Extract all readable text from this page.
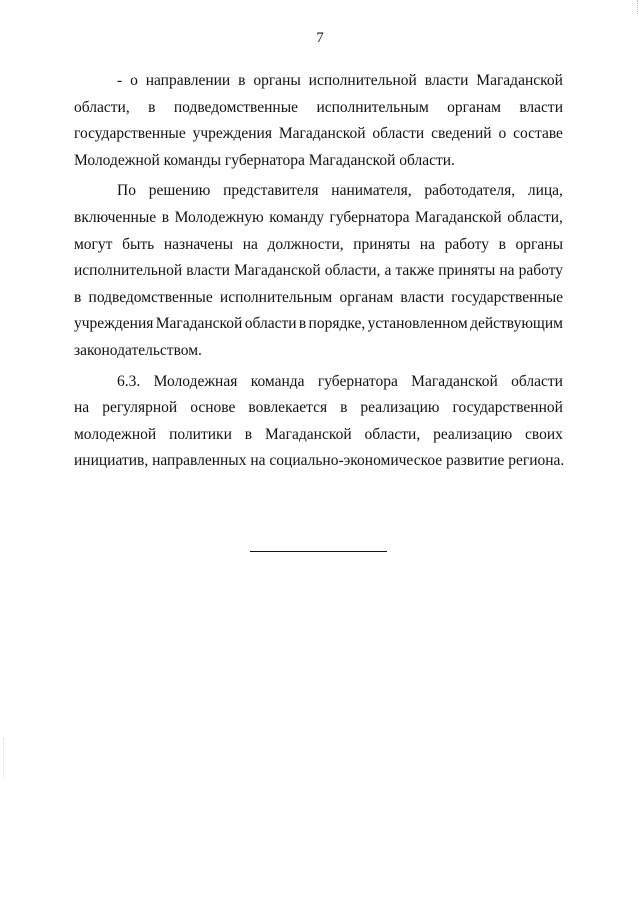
7
- о направлении в органы исполнительной власти Магаданской
области, в подведомственные исполнительным органам власти
государственные учреждения Магаданской области сведений о составе
Молодежной команды губернатора Магаданской области.
По решению представителя нанимателя, работодателя, лица,
включенные в Молодежную команду губернатора Магаданской области,
могут быть назначены на должности, приняты на работу в органы
исполнительной власти Магаданской области, а также приняты на работу
в подведомственные исполнительным органам власти государственные
учреждения Магаданской области в порядке, установленном действующим
законодательством.
6.3. Молодежная команда губернатора Магаданской области
на регулярной основе вовлекается в реализацию государственной
молодежной политики в Магаданской области, реализацию своих
инициатив, направленных на социально-экономическое развитие региона.
